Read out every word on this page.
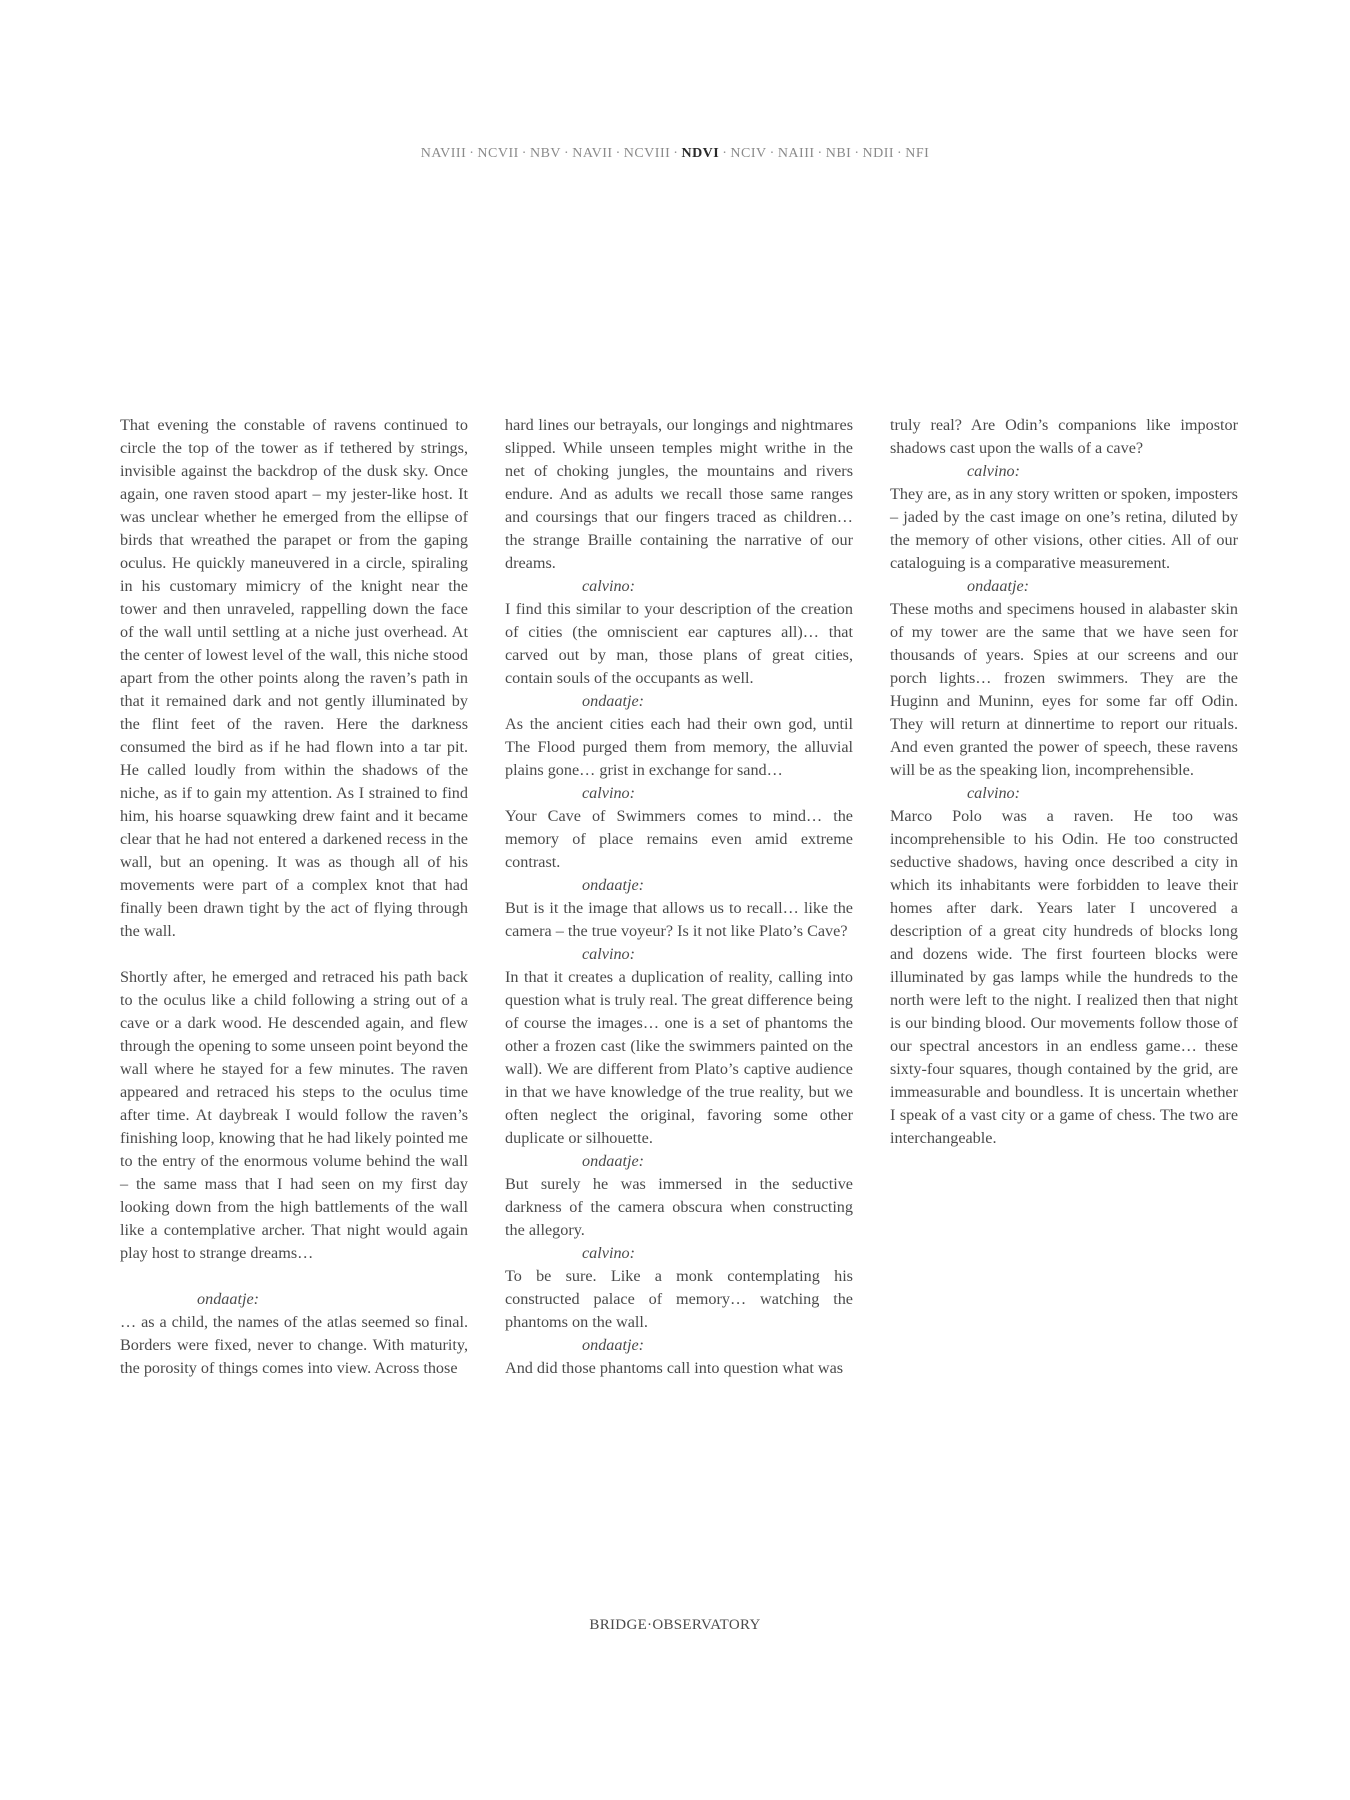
NAVIII · NCVII · NBV · NAVII · NCVIII · NDVI · NCIV · NAIII · NBI · NDII · NFI

That evening the constable of ravens continued to circle the top of the tower as if tethered by strings, invisible against the backdrop of the dusk sky. Once again, one raven stood apart – my jester-like host. It was unclear whether he emerged from the ellipse of birds that wreathed the parapet or from the gaping oculus. He quickly maneuvered in a circle, spiraling in his customary mimicry of the knight near the tower and then unraveled, rappelling down the face of the wall until settling at a niche just overhead. At the center of lowest level of the wall, this niche stood apart from the other points along the raven’s path in that it remained dark and not gently illuminated by the flint feet of the raven. Here the darkness consumed the bird as if he had flown into a tar pit. He called loudly from within the shadows of the niche, as if to gain my attention. As I strained to find him, his hoarse squawking drew faint and it became clear that he had not entered a darkened recess in the wall, but an opening. It was as though all of his movements were part of a complex knot that had finally been drawn tight by the act of flying through the wall.

Shortly after, he emerged and retraced his path back to the oculus like a child following a string out of a cave or a dark wood. He descended again, and flew through the opening to some unseen point beyond the wall where he stayed for a few minutes. The raven appeared and retraced his steps to the oculus time after time. At daybreak I would follow the raven’s finishing loop, knowing that he had likely pointed me to the entry of the enormous volume behind the wall – the same mass that I had seen on my first day looking down from the high battlements of the wall like a contemplative archer. That night would again play host to strange dreams…

ondaatje:

… as a child, the names of the atlas seemed so final. Borders were fixed, never to change. With maturity, the porosity of things comes into view. Across those

hard lines our betrayals, our longings and nightmares slipped. While unseen temples might writhe in the net of choking jungles, the mountains and rivers endure. And as adults we recall those same ranges and coursings that our fingers traced as children… the strange Braille containing the narrative of our dreams.

calvino:

I find this similar to your description of the creation of cities (the omniscient ear captures all)… that carved out by man, those plans of great cities, contain souls of the occupants as well.

ondaatje:

As the ancient cities each had their own god, until The Flood purged them from memory, the alluvial plains gone… grist in exchange for sand…

calvino:

Your Cave of Swimmers comes to mind… the memory of place remains even amid extreme contrast.

ondaatje:

But is it the image that allows us to recall… like the camera – the true voyeur? Is it not like Plato’s Cave?

calvino:

In that it creates a duplication of reality, calling into question what is truly real. The great difference being of course the images… one is a set of phantoms the other a frozen cast (like the swimmers painted on the wall). We are different from Plato’s captive audience in that we have knowledge of the true reality, but we often neglect the original, favoring some other duplicate or silhouette.

ondaatje:

But surely he was immersed in the seductive darkness of the camera obscura when constructing the allegory.

calvino:

To be sure. Like a monk contemplating his constructed palace of memory… watching the phantoms on the wall.

ondaatje:

And did those phantoms call into question what was

truly real? Are Odin’s companions like impostor shadows cast upon the walls of a cave?

calvino:

They are, as in any story written or spoken, imposters – jaded by the cast image on one’s retina, diluted by the memory of other visions, other cities. All of our cataloguing is a comparative measurement.

ondaatje:

These moths and specimens housed in alabaster skin of my tower are the same that we have seen for thousands of years. Spies at our screens and our porch lights… frozen swimmers. They are the Huginn and Muninn, eyes for some far off Odin. They will return at dinnertime to report our rituals. And even granted the power of speech, these ravens will be as the speaking lion, incomprehensible.

calvino:

Marco Polo was a raven. He too was incomprehensible to his Odin. He too constructed seductive shadows, having once described a city in which its inhabitants were forbidden to leave their homes after dark. Years later I uncovered a description of a great city hundreds of blocks long and dozens wide. The first fourteen blocks were illuminated by gas lamps while the hundreds to the north were left to the night. I realized then that night is our binding blood. Our movements follow those of our spectral ancestors in an endless game… these sixty-four squares, though contained by the grid, are immeasurable and boundless. It is uncertain whether I speak of a vast city or a game of chess. The two are interchangeable.

BRIDGE·OBSERVATORY
